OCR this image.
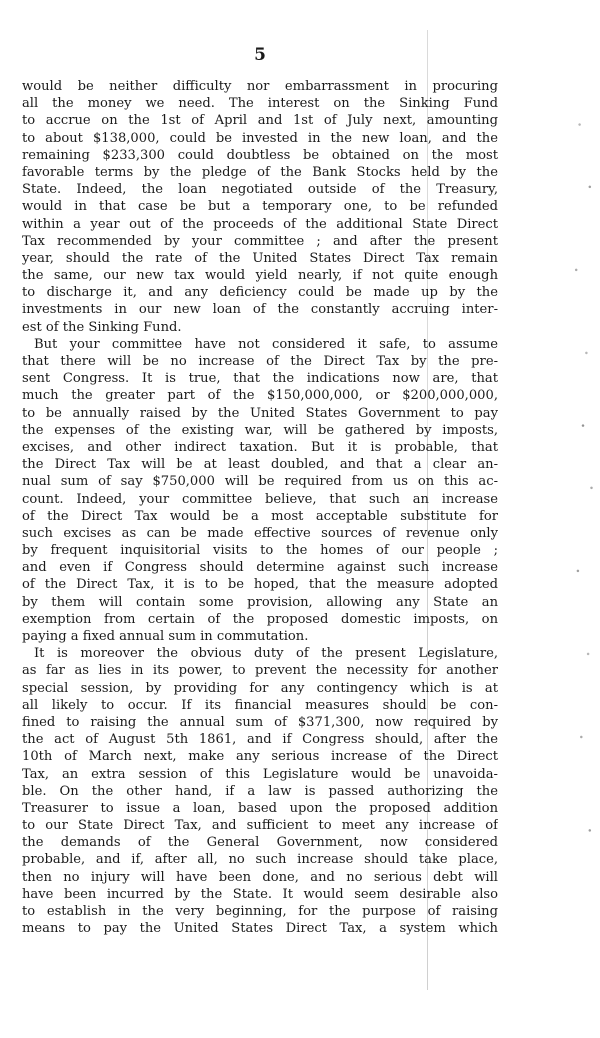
5
would be neither difficulty nor embarrassment in procuring
all the money we need. The interest on the Sinking Fund
to accrue on the 1st of April and 1st of July next, amounting
to about $138,000, could be invested in the new loan, and the
remaining $233,300 could doubtless be obtained on the most
favorable terms by the pledge of the Bank Stocks held by the
State. Indeed, the loan negotiated outside of the Treasury,
would in that case be but a temporary one, to be refunded
within a year out of the proceeds of the additional State Direct
Tax recommended by your committee ; and after the present
year, should the rate of the United States Direct Tax remain
the same, our new tax would yield nearly, if not quite enough
to discharge it, and any deficiency could be made up by the
investments in our new loan of the constantly accruing inter-
est of the Sinking Fund.
But your committee have not considered it safe, to assume
that there will be no increase of the Direct Tax by the pre-
sent Congress. It is true, that the indications now are, that
much the greater part of the $150,000,000, or $200,000,000,
to be annually raised by the United States Government to pay
the expenses of the existing war, will be gathered by imposts,
excises, and other indirect taxation. But it is probable, that
the Direct Tax will be at least doubled, and that a clear an-
nual sum of say $750,000 will be required from us on this ac-
count. Indeed, your committee believe, that such an increase
of the Direct Tax would be a most acceptable substitute for
such excises as can be made effective sources of revenue only
by frequent inquisitorial visits to the homes of our people ;
and even if Congress should determine against such increase
of the Direct Tax, it is to be hoped, that the measure adopted
by them will contain some provision, allowing any State an
exemption from certain of the proposed domestic imposts, on
paying a fixed annual sum in commutation.
It is moreover the obvious duty of the present Legislature,
as far as lies in its power, to prevent the necessity for another
special session, by providing for any contingency which is at
all likely to occur. If its financial measures should be con-
fined to raising the annual sum of $371,300, now required by
the act of August 5th 1861, and if Congress should, after the
10th of March next, make any serious increase of the Direct
Tax, an extra session of this Legislature would be unavoida-
ble. On the other hand, if a law is passed authorizing the
Treasurer to issue a loan, based upon the proposed addition
to our State Direct Tax, and sufficient to meet any increase of
the demands of the General Government, now considered
probable, and if, after all, no such increase should take place,
then no injury will have been done, and no serious debt will
have been incurred by the State. It would seem desirable also
to establish in the very beginning, for the purpose of raising
means to pay the United States Direct Tax, a system which
